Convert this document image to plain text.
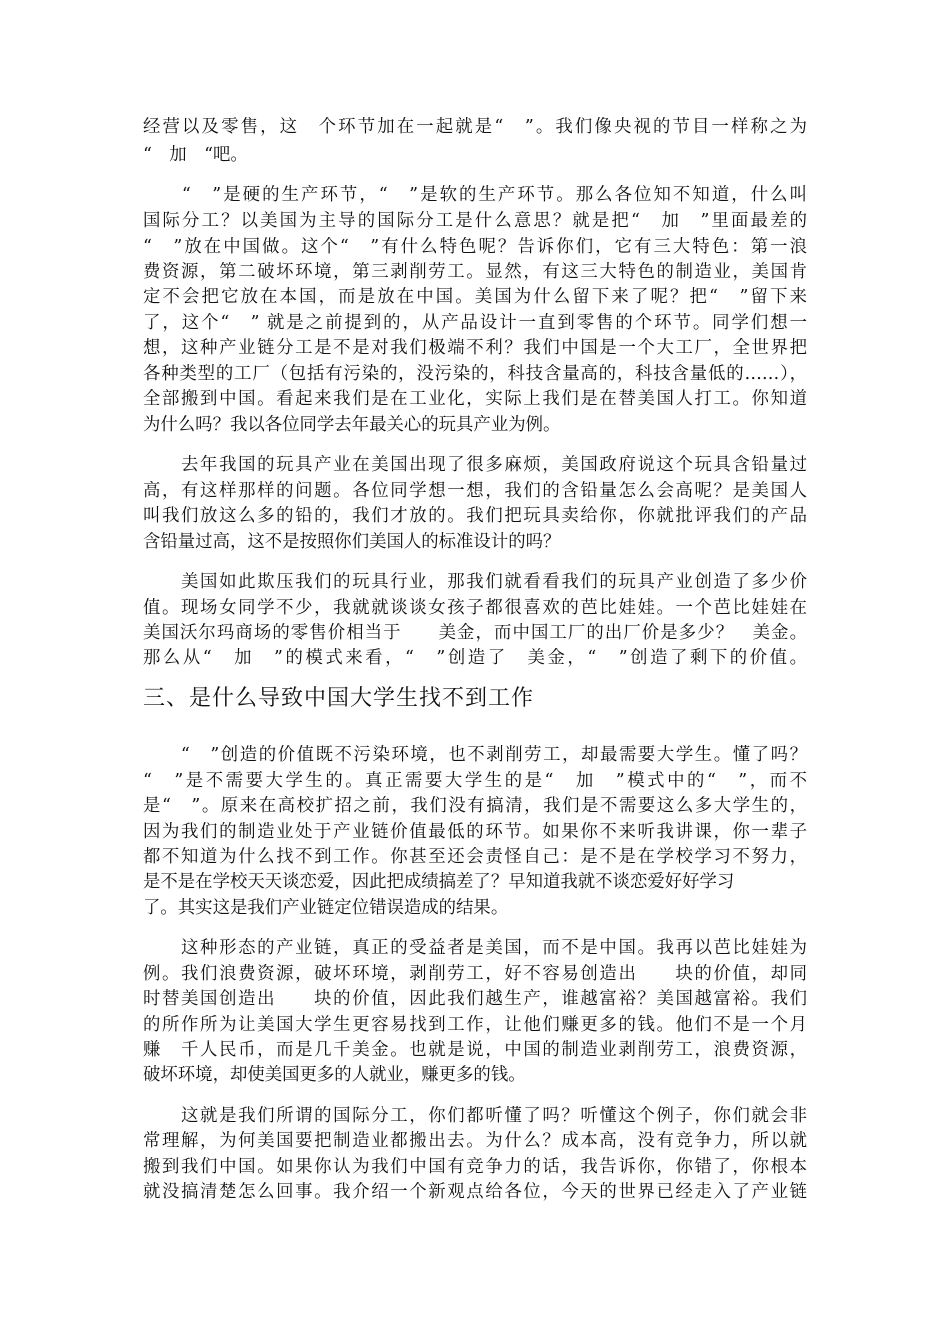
经营以及零售，这　个环节加在一起就是“　”。我们像央视的节目一样称之为
“　加　“吧。
　　“　”是硬的生产环节，“　”是软的生产环节。那么各位知不知道，什么叫
国际分工？以美国为主导的国际分工是什么意思？就是把“　加　”里面最差的
“　”放在中国做。这个“　”有什么特色呢？告诉你们，它有三大特色：第一浪
费资源，第二破坏环境，第三剥削劳工。显然，有这三大特色的制造业，美国肯
定不会把它放在本国，而是放在中国。美国为什么留下来了呢？把“　”留下来
了，这个“　” 就是之前提到的，从产品设计一直到零售的个环节。同学们想一
想，这种产业链分工是不是对我们极端不利？我们中国是一个大工厂，全世界把
各种类型的工厂（包括有污染的，没污染的，科技含量高的，科技含量低的……），
全部搬到中国。看起来我们是在工业化，实际上我们是在替美国人打工。你知道
为什么吗？我以各位同学去年最关心的玩具产业为例。
　　去年我国的玩具产业在美国出现了很多麻烦，美国政府说这个玩具含铅量过
高，有这样那样的问题。各位同学想一想，我们的含铅量怎么会高呢？是美国人
叫我们放这么多的铅的，我们才放的。我们把玩具卖给你，你就批评我们的产品
含铅量过高，这不是按照你们美国人的标准设计的吗？
　　美国如此欺压我们的玩具行业，那我们就看看我们的玩具产业创造了多少价
值。现场女同学不少，我就就谈谈女孩子都很喜欢的芭比娃娃。一个芭比娃娃在
美国沃尔玛商场的零售价相当于　　美金，而中国工厂的出厂价是多少？　美金。
那么从“　加　”的模式来看，“　”创造了　美金，“　”创造了剩下的价值。
三、是什么导致中国大学生找不到工作
　　“　”创造的价值既不污染环境，也不剥削劳工，却最需要大学生。懂了吗？
“　”是不需要大学生的。真正需要大学生的是“　加　”模式中的“　”，而不
是“　”。原来在高校扩招之前，我们没有搞清，我们是不需要这么多大学生的，
因为我们的制造业处于产业链价值最低的环节。如果你不来听我讲课，你一辈子
都不知道为什么找不到工作。你甚至还会责怪自己：是不是在学校学习不努力，
是不是在学校天天谈恋爱，因此把成绩搞差了？早知道我就不谈恋爱好好学习
了。其实这是我们产业链定位错误造成的结果。
　　这种形态的产业链，真正的受益者是美国，而不是中国。我再以芭比娃娃为
例。我们浪费资源，破坏环境，剥削劳工，好不容易创造出　　块的价值，却同
时替美国创造出　　块的价值，因此我们越生产，谁越富裕？美国越富裕。我们
的所作所为让美国大学生更容易找到工作，让他们赚更多的钱。他们不是一个月
赚　千人民币，而是几千美金。也就是说，中国的制造业剥削劳工，浪费资源，
破坏环境，却使美国更多的人就业，赚更多的钱。
　　这就是我们所谓的国际分工，你们都听懂了吗？听懂这个例子，你们就会非
常理解，为何美国要把制造业都搬出去。为什么？成本高，没有竞争力，所以就
搬到我们中国。如果你认为我们中国有竞争力的话，我告诉你，你错了，你根本
就没搞清楚怎么回事。我介绍一个新观点给各位，今天的世界已经走入了产业链
